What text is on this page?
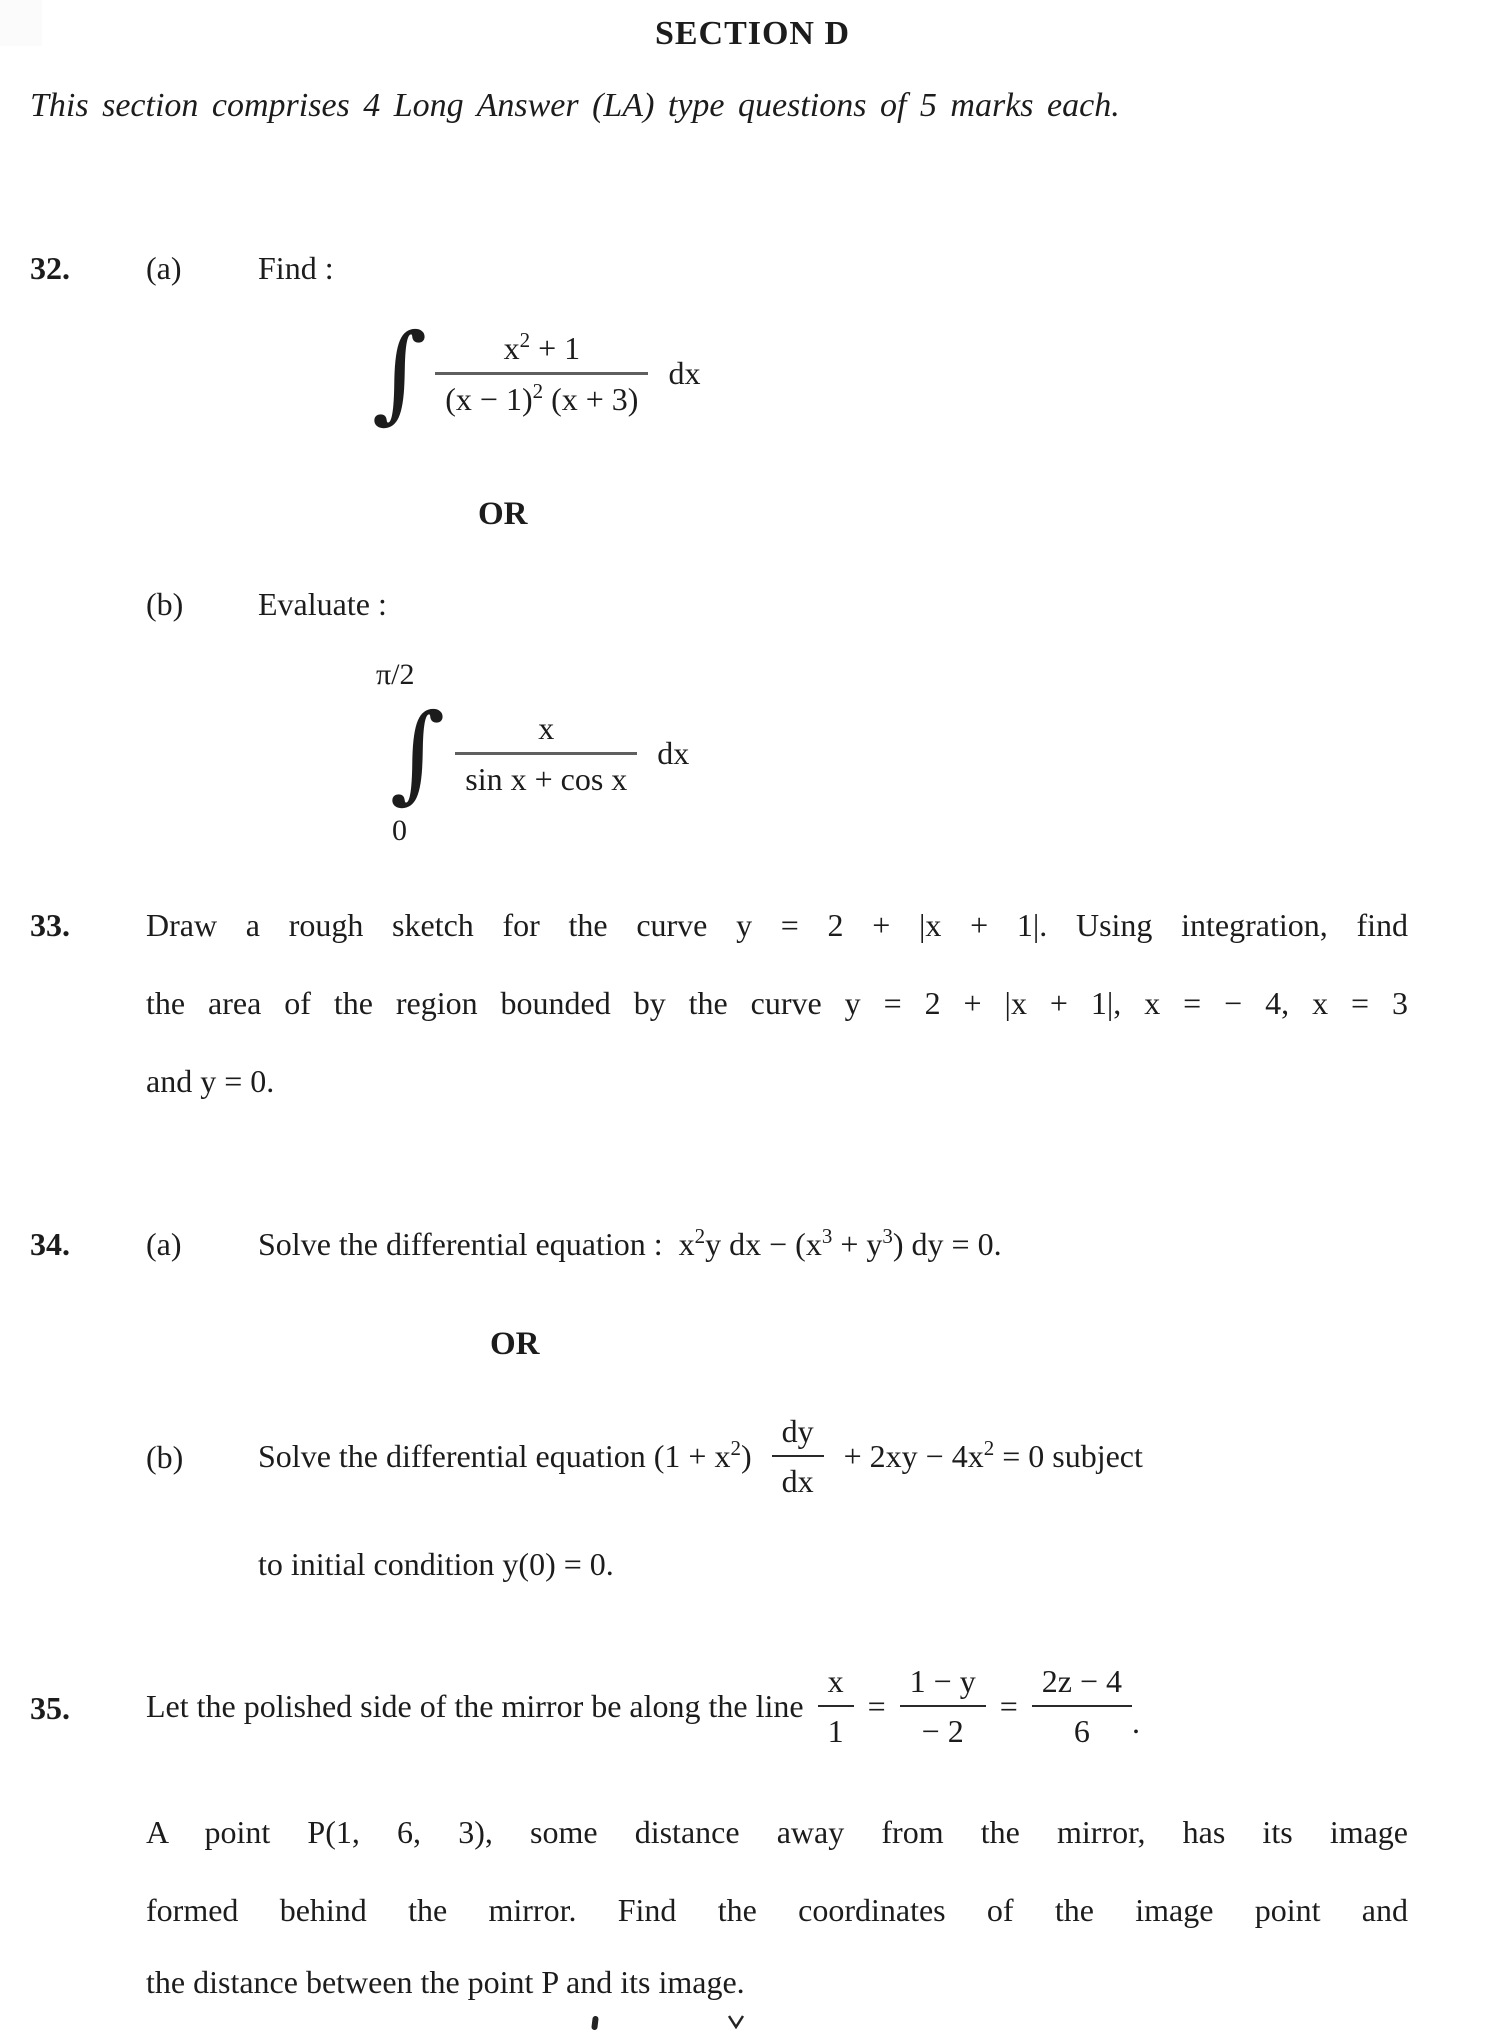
SECTION D
This section comprises 4 Long Answer (LA) type questions of 5 marks each.
32. (a) Find :
∫ $\frac{x^2 + 1}{(x - 1)^2 (x + 3)}$ dx
OR
(b) Evaluate :
π/2
∫ $\frac{x}{\text{sin x + cos x}}$ dx
0
33. Draw a rough sketch for the curve y = 2 + |x + 1|. Using integration, find
the area of the region bounded by the curve y = 2 + |x + 1|, x = − 4, x = 3
and y = 0.
34. (a) Solve the differential equation :  $x^2y$ dx − $(x^3 + y^3)$ dy = 0.
OR
(b) Solve the differential equation $(1 + x^2) \frac{dy}{dx} + 2xy - 4x^2 = 0$ subject
to initial condition y(0) = 0.
35. Let the polished side of the mirror be along the line $\frac{x}{1} = \frac{1 - y}{- 2} = \frac{2z - 4}{6}$ .
A point P(1, 6, 3), some distance away from the mirror, has its image
formed behind the mirror. Find the coordinates of the image point and
the distance between the point P and its image.
